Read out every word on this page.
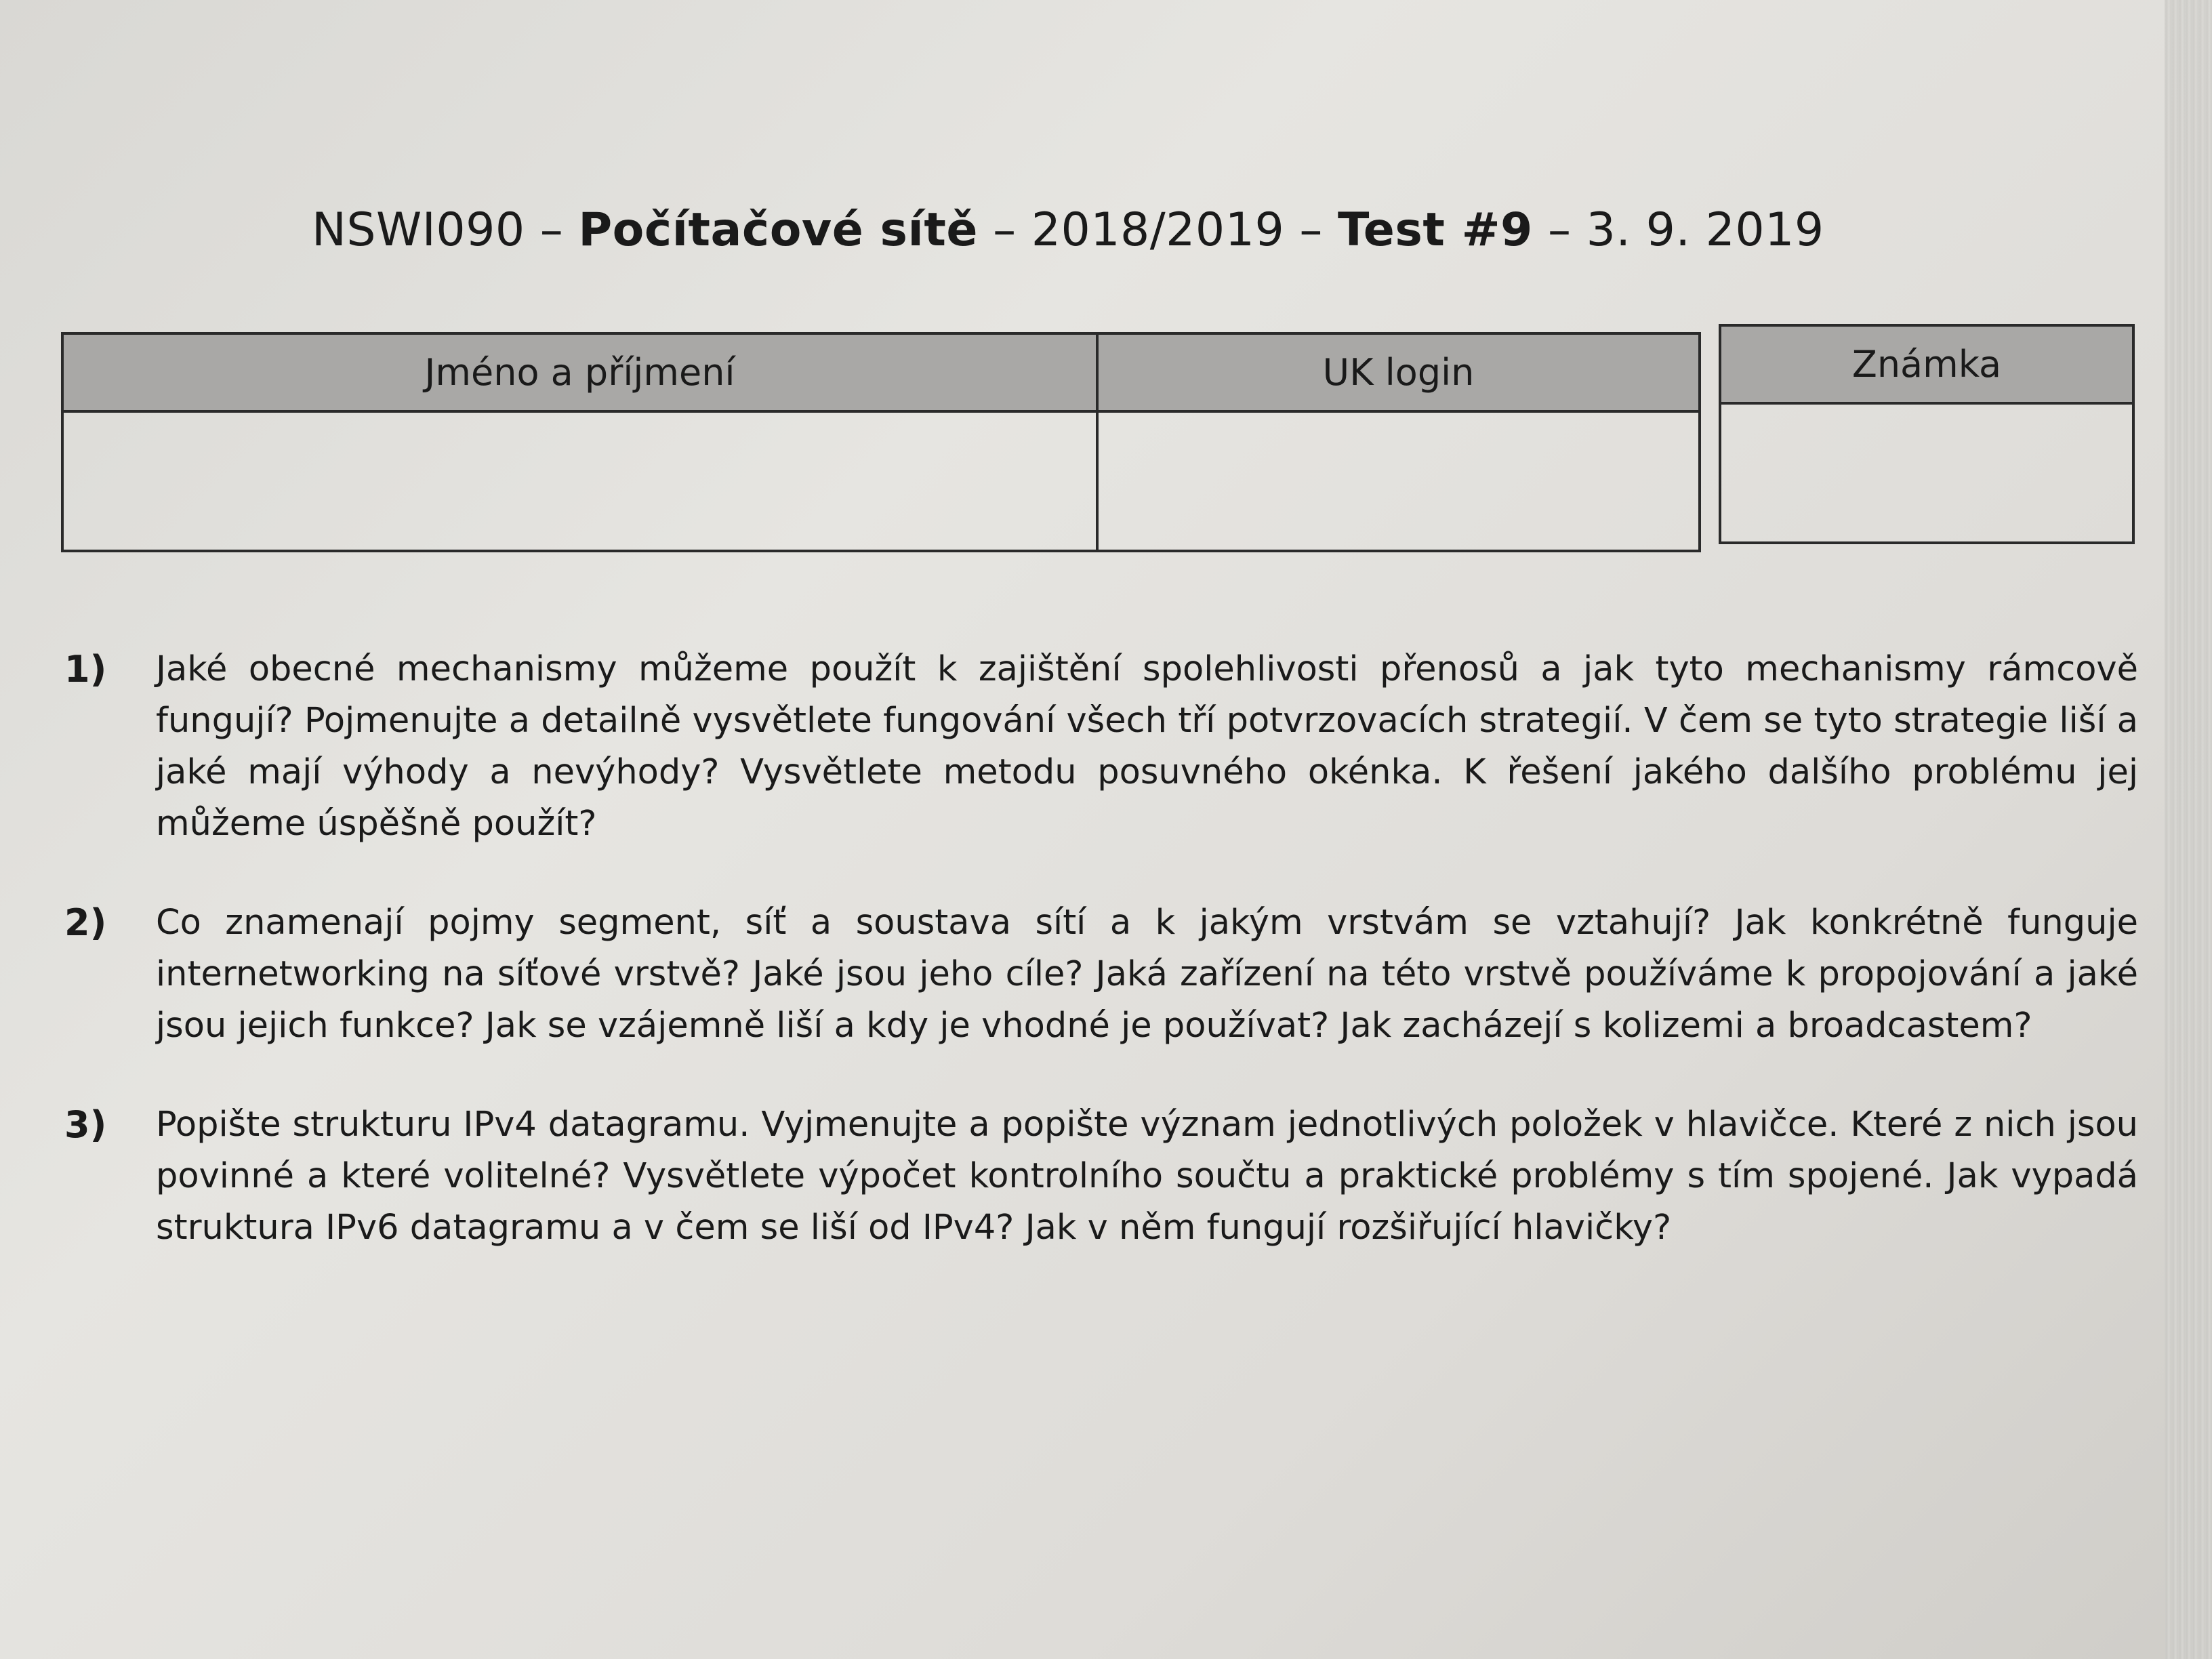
NSWI090 – Počítačové sítě – 2018/2019 – Test #9 – 3. 9. 2019
Jméno a příjmení	UK login	Známka
1)	Jaké obecné mechanismy můžeme použít k zajištění spolehlivosti přenosů a jak tyto mechanismy rámcově fungují? Pojmenujte a detailně vysvětlete fungování všech tří potvrzovacích strategií. V čem se tyto strategie liší a jaké mají výhody a nevýhody? Vysvětlete metodu posuvného okénka. K řešení jakého dalšího problému jej můžeme úspěšně použít?
2)	Co znamenají pojmy segment, síť a soustava sítí a k jakým vrstvám se vztahují? Jak konkrétně funguje internetworking na síťové vrstvě? Jaké jsou jeho cíle? Jaká zařízení na této vrstvě používáme k propojování a jaké jsou jejich funkce? Jak se vzájemně liší a kdy je vhodné je používat? Jak zacházejí s kolizemi a broadcastem?
3)	Popište strukturu IPv4 datagramu. Vyjmenujte a popište význam jednotlivých položek v hlavičce. Které z nich jsou povinné a které volitelné? Vysvětlete výpočet kontrolního součtu a praktické problémy s tím spojené. Jak vypadá struktura IPv6 datagramu a v čem se liší od IPv4? Jak v něm fungují rozšiřující hlavičky?
